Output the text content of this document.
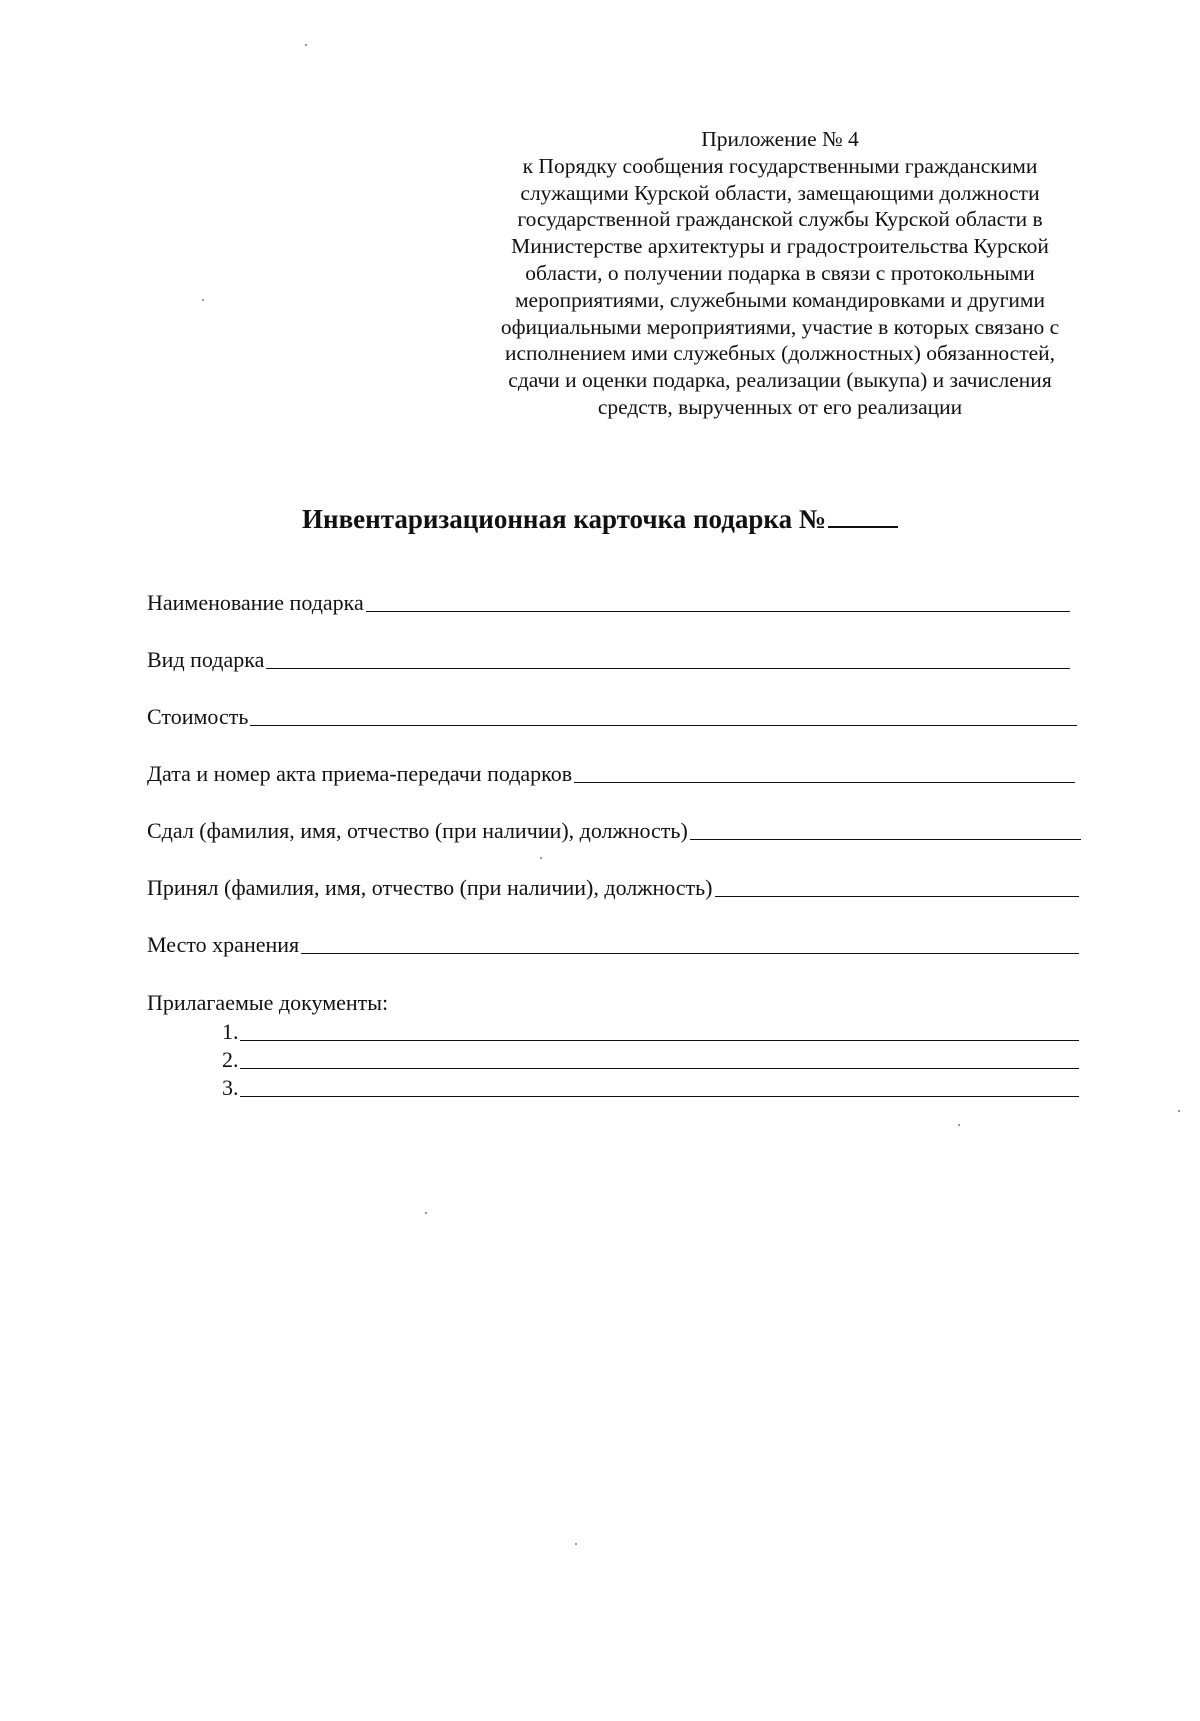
Приложение № 4
к Порядку сообщения государственными гражданскими
служащими Курской области, замещающими должности
государственной гражданской службы Курской области в
Министерстве архитектуры и градостроительства Курской
области, о получении подарка в связи с протокольными
мероприятиями, служебными командировками и другими
официальными мероприятиями, участие в которых связано с
исполнением ими служебных (должностных) обязанностей,
сдачи и оценки подарка, реализации (выкупа) и зачисления
средств, вырученных от его реализации
Инвентаризационная карточка подарка №
Наименование подарка
Вид подарка
Стоимость
Дата и номер акта приема-передачи подарков
Сдал (фамилия, имя, отчество (при наличии), должность)
Принял (фамилия, имя, отчество (при наличии), должность)
Место хранения
Прилагаемые документы:
1.
2.
3.
